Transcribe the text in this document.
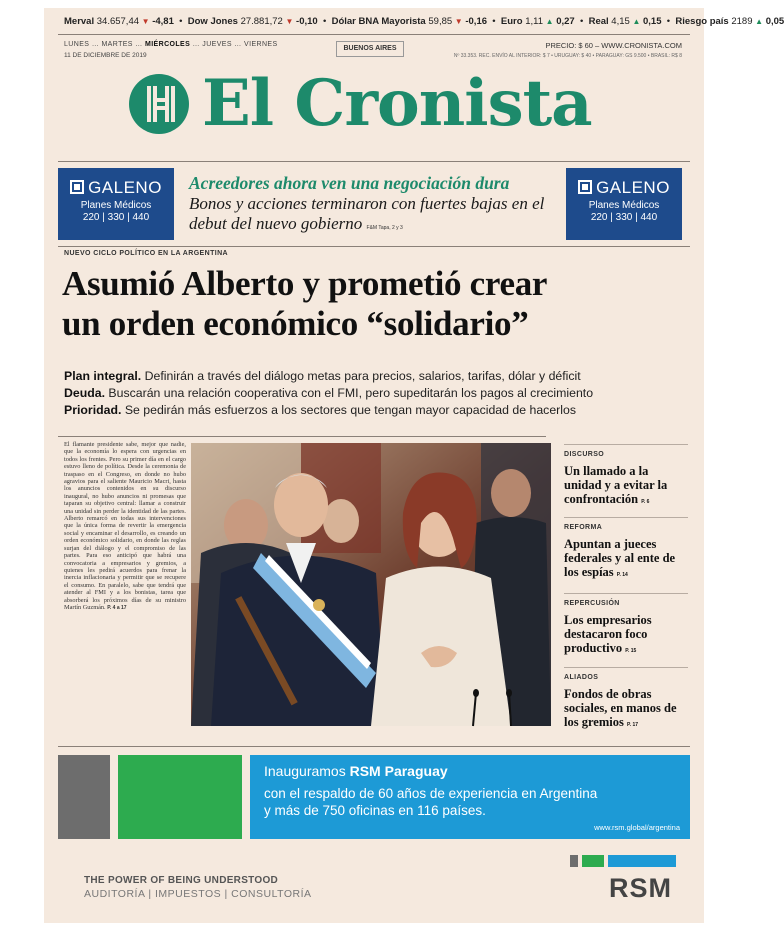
Merval 34.657,44 ▼ -4,81  •  Dow Jones 27.881,72 ▼ -0,10  •  Dólar BNA Mayorista 59,85 ▼ -0,16  •  Euro 1,11 ▲ 0,27  •  Real 4,15 ▲ 0,15  •  Riesgo país 2189 ▲ 0,05
LUNES … MARTES … MIÉRCOLES … JUEVES … VIERNES
11 DE DICIEMBRE DE 2019
BUENOS AIRES	PRECIO: $ 60 – WWW.CRONISTA.COM
Nº 33.353. REC. ENVÍO AL INTERIOR: $ 7 • URUGUAY: $ 40 • PARAGUAY: GS 9.500 • BRASIL: R$ 8
El Cronista
GALENO
Planes Médicos
220 | 330 | 440
GALENO
Planes Médicos
220 | 330 | 440
Acreedores ahora ven una negociación dura
Bonos y acciones terminaron con fuertes bajas en el debut del nuevo gobierno F&M Tapa, 2 y 3
NUEVO CICLO POLÍTICO EN LA ARGENTINA
Asumió Alberto y prometió crear
un orden económico “solidario”
Plan integral. Definirán a través del diálogo metas para precios, salarios, tarifas, dólar y déficit
Deuda. Buscarán una relación cooperativa con el FMI, pero supeditarán los pagos al crecimiento
Prioridad. Se pedirán más esfuerzos a los sectores que tengan mayor capacidad de hacerlos
El flamante presidente sabe, mejor que nadie, que la economía lo espera con urgencias en todos los frentes. Pero su primer día en el cargo estuvo lleno de política. Desde la ceremonia de traspaso en el Congreso, en donde no hubo agravios para el saliente Mauricio Macri, hasta los anuncios contenidos en su discurso inaugural, no hubo anuncios ni promesas que taparan su objetivo central: llamar a construir una unidad sin perder la identidad de las partes. Alberto remarcó en todas sus intervenciones que la única forma de revertir la emergencia social y encaminar el desarrollo, es creando un orden económico solidario, en donde las reglas surjan del diálogo y el compromiso de las partes. Para eso anticipó que habrá una convocatoria a empresarios y gremios, a quienes les pedirá acuerdos para frenar la inercia inflacionaria y permitir que se recupere el consumo. En paralelo, sabe que tendrá que atender al FMI y a los bonistas, tarea que absorberá los próximos días de su ministro Martín Guzmán. P. 4 a 17
DISCURSO
Un llamado a la unidad y a evitar la confrontación P. 6
REFORMA
Apuntan a jueces federales y al ente de los espías P. 14
REPERCUSIÓN
Los empresarios destacaron foco productivo P. 15
ALIADOS
Fondos de obras sociales, en manos de los gremios P. 17
Inauguramos RSM Paraguay
con el respaldo de 60 años de experiencia en Argentina
y más de 750 oficinas en 116 países.
www.rsm.global/argentina
THE POWER OF BEING UNDERSTOOD
AUDITORÍA | IMPUESTOS | CONSULTORÍA	RSM
